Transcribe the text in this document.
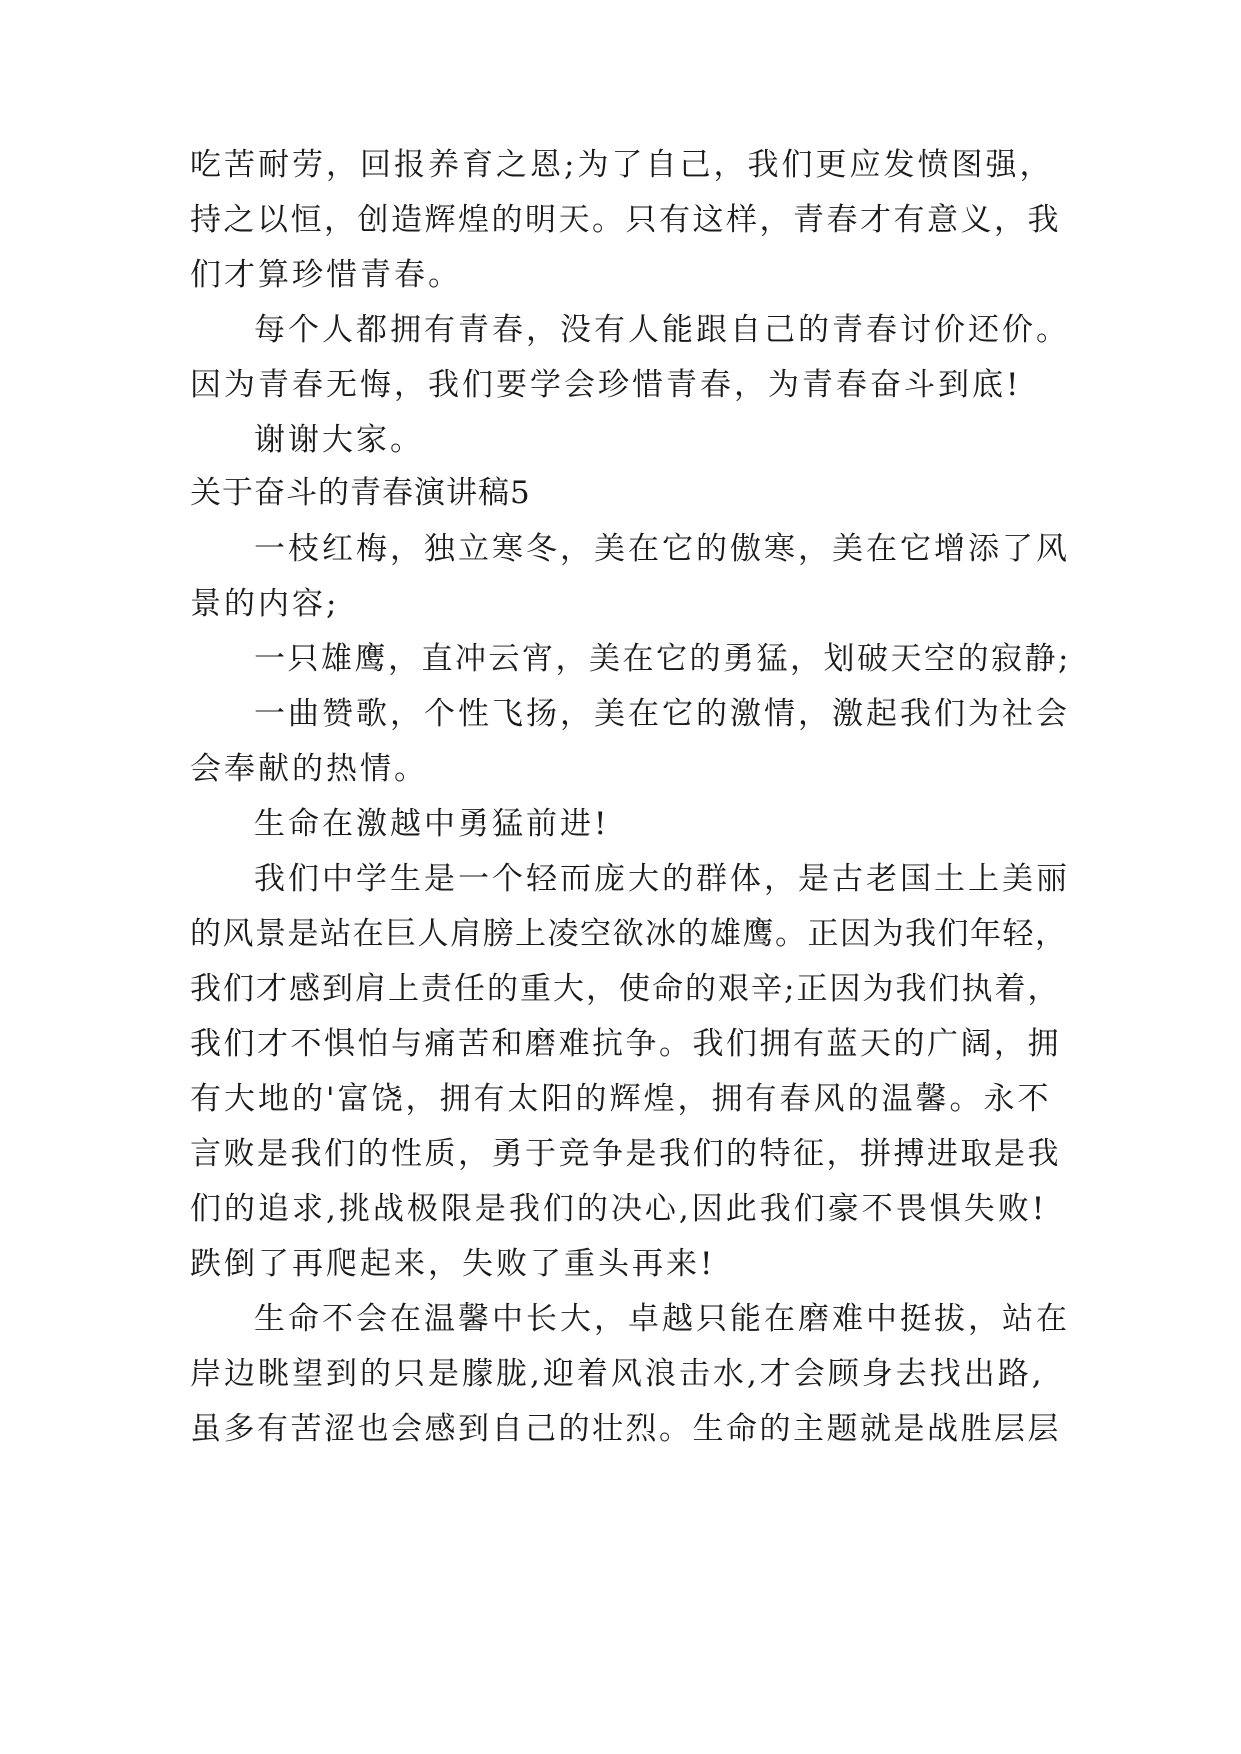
吃苦耐劳，回报养育之恩;为了自己，我们更应发愤图强，
持之以恒，创造辉煌的明天。只有这样，青春才有意义，我
们才算珍惜青春。
每个人都拥有青春，没有人能跟自己的青春讨价还价。
因为青春无悔，我们要学会珍惜青春，为青春奋斗到底!
谢谢大家。
关于奋斗的青春演讲稿5
一枝红梅，独立寒冬，美在它的傲寒，美在它增添了风
景的内容;
一只雄鹰，直冲云宵，美在它的勇猛，划破天空的寂静;
一曲赞歌，个性飞扬，美在它的激情，激起我们为社会
会奉献的热情。
生命在激越中勇猛前进!
我们中学生是一个轻而庞大的群体，是古老国土上美丽
的风景是站在巨人肩膀上凌空欲冰的雄鹰。正因为我们年轻，
我们才感到肩上责任的重大，使命的艰辛;正因为我们执着，
我们才不惧怕与痛苦和磨难抗争。我们拥有蓝天的广阔，拥
有大地的'富饶，拥有太阳的辉煌，拥有春风的温馨。永不
言败是我们的性质，勇于竞争是我们的特征，拼搏进取是我
们的追求,挑战极限是我们的决心,因此我们豪不畏惧失败!
跌倒了再爬起来，失败了重头再来!
生命不会在温馨中长大，卓越只能在磨难中挺拔，站在
岸边眺望到的只是朦胧,迎着风浪击水,才会顾身去找出路,
虽多有苦涩也会感到自己的壮烈。生命的主题就是战胜层层
